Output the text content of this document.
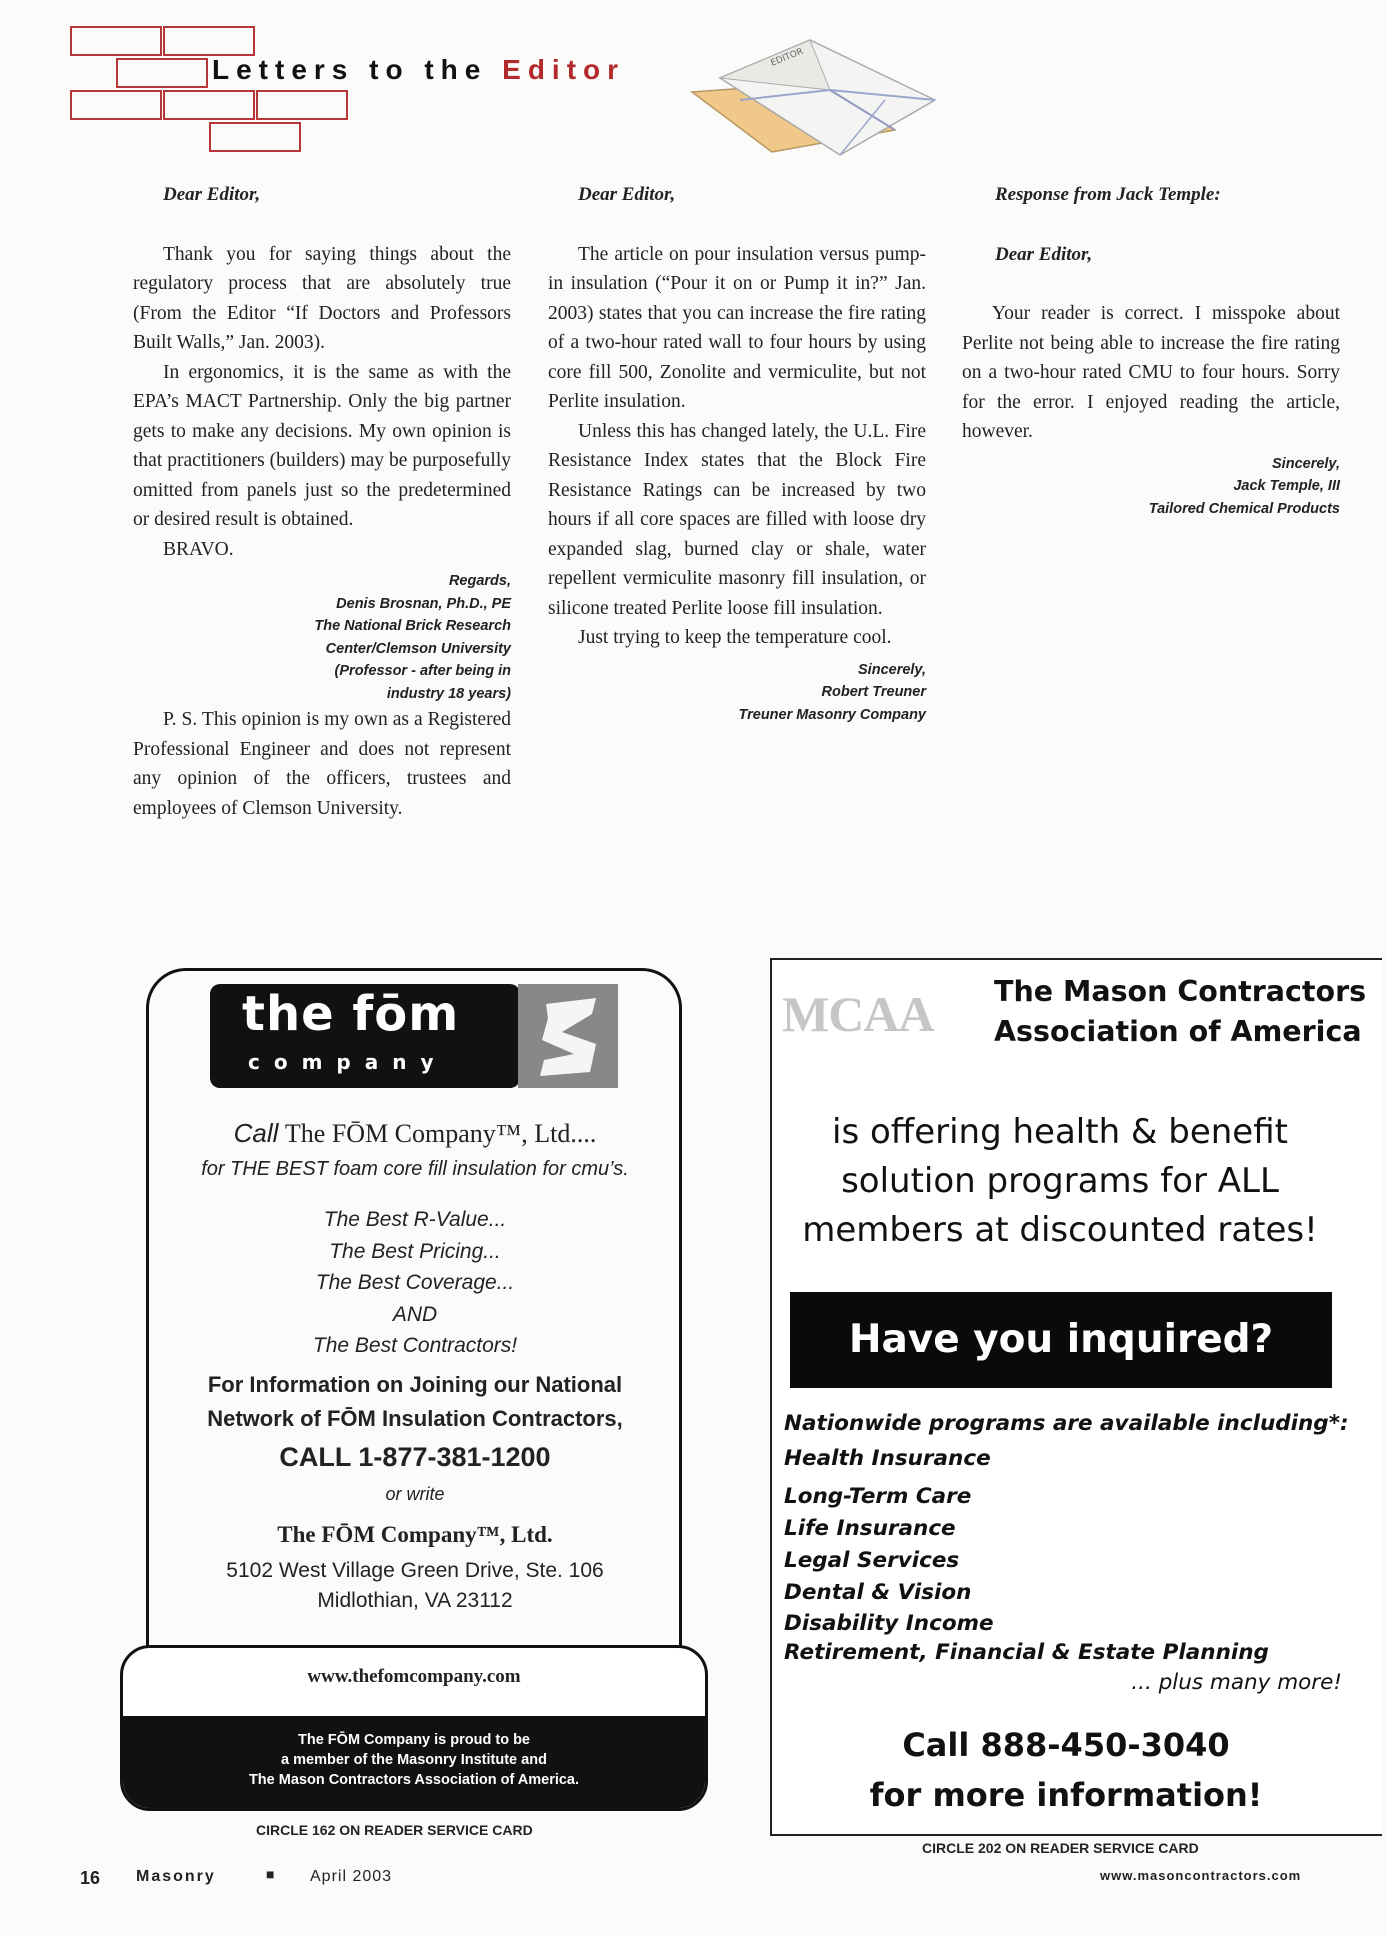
Letters to the Editor	EDITOR
Dear Editor,

Thank you for saying things about the regulatory process that are absolutely true (From the Editor “If Doctors and Professors Built Walls,” Jan. 2003).

In ergonomics, it is the same as with the EPA’s MACT Partnership. Only the big partner gets to make any decisions. My own opinion is that practitioners (builders) may be purposefully omitted from panels just so the predetermined or desired result is obtained.

BRAVO.

Regards,
Denis Brosnan, Ph.D., PE
The National Brick Research
Center/Clemson University
(Professor - after being in
industry 18 years)

P. S. This opinion is my own as a Registered Professional Engineer and does not represent any opinion of the officers, trustees and employees of Clemson University.

Dear Editor,

The article on pour insulation versus pump-in insulation (“Pour it on or Pump it in?” Jan. 2003) states that you can increase the fire rating of a two-hour rated wall to four hours by using core fill 500, Zonolite and vermiculite, but not Perlite insulation.

Unless this has changed lately, the U.L. Fire Resistance Index states that the Block Fire Resistance Ratings can be increased by two hours if all core spaces are filled with loose dry expanded slag, burned clay or shale, water repellent vermiculite masonry fill insulation, or silicone treated Perlite loose fill insulation.

Just trying to keep the temperature cool.

Sincerely,
Robert Treuner
Treuner Masonry Company
Response from Jack Temple:
Dear Editor,

Your reader is correct. I misspoke about Perlite not being able to increase the fire rating on a two-hour rated CMU to four hours. Sorry for the error. I enjoyed reading the article, however.

Sincerely,
Jack Temple, III
Tailored Chemical Products
the fōm
company
Call The FŌM Company™, Ltd....
for THE BEST foam core fill insulation for cmu’s.
The Best R-Value...
The Best Pricing...
The Best Coverage...
AND
The Best Contractors!
For Information on Joining our National
Network of FŌM Insulation Contractors,
CALL 1-877-381-1200
or write
The FŌM Company™, Ltd.
5102 West Village Green Drive, Ste. 106
Midlothian, VA 23112
www.thefomcompany.com
The FŌM Company is proud to be
a member of the Masonry Institute and
The Mason Contractors Association of America.
CIRCLE 162 ON READER SERVICE CARD
MCAA The Mason Contractors
Association of America
is offering health & benefit
solution programs for ALL
members at discounted rates!
Have you inquired?
Nationwide programs are available including*:
Health Insurance
Long-Term Care
Life Insurance
Legal Services
Dental & Vision
Disability Income
Retirement, Financial & Estate Planning
... plus many more!
Call 888-450-3040
for more information!
CIRCLE 202 ON READER SERVICE CARD
16 Masonry	■ April 2003	www.masoncontractors.com
